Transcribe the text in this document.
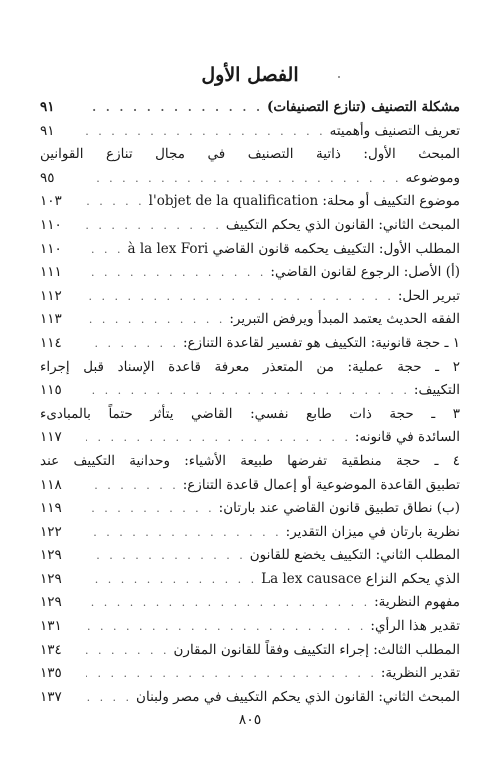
الفصل الأول
مشكلة التصنيف (تنازع التصنيفات)
. . .
٩١
تعريف التصنيف وأهميته
. . .
٩١
المبحث الأول: ذاتية التصنيف في مجال تنازع القوانين
وموضوعه
. . .
٩٥
موضوع التكييف أو محلة: l'objet de la qualification
. . .
١٠٣
المبحث الثاني: القانون الذي يحكم التكييف
. . .
١١٠
المطلب الأول: التكييف يحكمه قانون القاضي à la lex Fori
. . .
١١٠
(أ) الأصل: الرجوع لقانون القاضي:
. . .
١١١
تبرير الحل:
. . .
١١٢
الفقه الحديث يعتمد المبدأ ويرفض التبرير:
. . .
١١٣
١ ـ حجة قانونية: التكييف هو تفسير لقاعدة التنازع:
. . .
١١٤
٢ ـ حجة عملية: من المتعذر معرفة قاعدة الإسناد قبل إجراء
التكييف:
. . .
١١٥
٣ ـ حجة ذات طابع نفسي: القاضي يتأثر حتماً بالمبادىء
السائدة في قانونه:
. . .
١١٧
٤ ـ حجة منطقية تفرضها طبيعة الأشياء: وحدانية التكييف عند
تطبيق القاعدة الموضوعية أو إعمال قاعدة التنازع:
. . .
١١٨
(ب) نطاق تطبيق قانون القاضي عند بارتان:
. . .
١١٩
نظرية بارتان في ميزان التقدير:
. . .
١٢٢
المطلب الثاني: التكييف يخضع للقانون
. . .
١٢٩
الذي يحكم النزاع La lex causace
. . .
١٢٩
مفهوم النظرية:
. . .
١٢٩
تقدير هذا الرأي:
. . .
١٣١
المطلب الثالث: إجراء التكييف وفقاً للقانون المقارن
. . .
١٣٤
تقدير النظرية:
. . .
١٣٥
المبحث الثاني: القانون الذي يحكم التكييف في مصر ولبنان
. . .
١٣٧
٨٠٥
